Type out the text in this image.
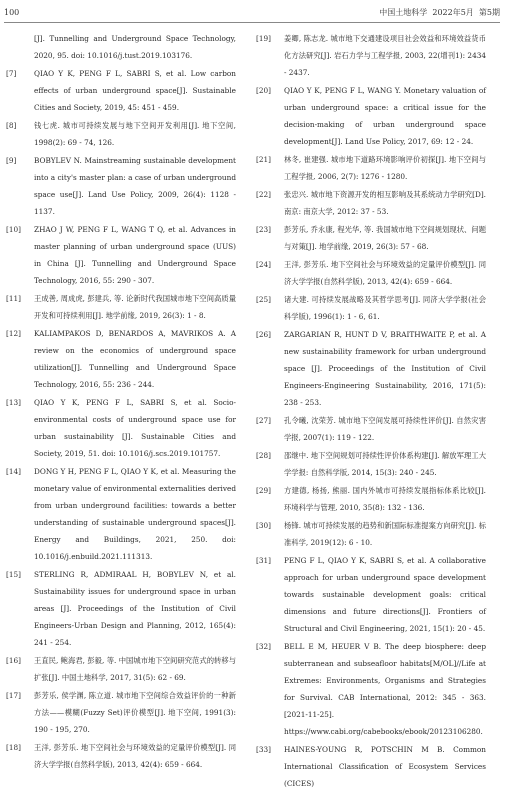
100	中国土地科学 2022年5月 第5期
[J]. Tunnelling and Underground Space Technology, 2020, 95. doi: 10.1016/j.tust.2019.103176.
[7]	QIAO Y K, PENG F L, SABRI S, et al. Low carbon effects of urban underground space[J]. Sustainable Cities and Society, 2019, 45: 451 - 459.
[8]	钱七虎. 城市可持续发展与地下空间开发利用[J]. 地下空间, 1998(2): 69 - 74, 126.
[9]	BOBYLEV N. Mainstreaming sustainable development into a city's master plan: a case of urban underground space use[J]. Land Use Policy, 2009, 26(4): 1128 - 1137.
[10]	ZHAO J W, PENG F L, WANG T Q, et al. Advances in master planning of urban underground space (UUS) in China [J]. Tunnelling and Underground Space Technology, 2016, 55: 290 - 307.
[11]	王成善, 周成虎, 彭建兵, 等. 论新时代我国城市地下空间高质量开发和可持续利用[J]. 地学前缘, 2019, 26(3): 1 - 8.
[12]	KALIAMPAKOS D, BENARDOS A, MAVRIKOS A. A review on the economics of underground space utilization[J]. Tunnelling and Underground Space Technology, 2016, 55: 236 - 244.
[13]	QIAO Y K, PENG F L, SABRI S, et al. Socio-environmental costs of underground space use for urban sustainability [J]. Sustainable Cities and Society, 2019, 51. doi: 10.1016/j.scs.2019.101757.
[14]	DONG Y H, PENG F L, QIAO Y K, et al. Measuring the monetary value of environmental externalities derived from urban underground facilities: towards a better understanding of sustainable underground spaces[J]. Energy and Buildings, 2021, 250. doi: 10.1016/j.enbuild.2021.111313.
[15]	STERLING R, ADMIRAAL H, BOBYLEV N, et al. Sustainability issues for underground space in urban areas [J]. Proceedings of the Institution of Civil Engineers-Urban Design and Planning, 2012, 165(4): 241 - 254.
[16]	王直民, 鲍海君, 彭毅, 等. 中国城市地下空间研究范式的转移与扩张[J]. 中国土地科学, 2017, 31(5): 62 - 69.
[17]	彭芳乐, 侯学渊, 陈立道. 城市地下空间综合效益评价的一种新方法——模糊(Fuzzy Set)评价模型[J]. 地下空间, 1991(3): 190 - 195, 270.
[18]	王洋, 彭芳乐. 地下空间社会与环境效益的定量评价模型[J]. 同济大学学报(自然科学版), 2013, 42(4): 659 - 664.
[19]	姜卿, 陈志龙. 城市地下交通建设项目社会效益和环境效益货币化方法研究[J]. 岩石力学与工程学报, 2003, 22(增刊1): 2434 - 2437.
[20]	QIAO Y K, PENG F L, WANG Y. Monetary valuation of urban underground space: a critical issue for the decision-making of urban underground space development[J]. Land Use Policy, 2017, 69: 12 - 24.
[21]	林冬, 崔建强. 城市地下道路环境影响评价初探[J]. 地下空间与工程学报, 2006, 2(7): 1276 - 1280.
[22]	张忠兴. 城市地下资源开发的相互影响及其系统动力学研究[D]. 南京: 南京大学, 2012: 37 - 53.
[23]	彭芳乐, 乔永康, 程光华, 等. 我国城市地下空间规划现状、问题与对策[J]. 地学前缘, 2019, 26(3): 57 - 68.
[24]	王洋, 彭芳乐. 地下空间社会与环境效益的定量评价模型[J]. 同济大学学报(自然科学版), 2013, 42(4): 659 - 664.
[25]	诸大建. 可持续发展战略及其哲学思考[J]. 同济大学学报(社会科学版), 1996(1): 1 - 6, 61.
[26]	ZARGARIAN R, HUNT D V, BRAITHWAITE P, et al. A new sustainability framework for urban underground space [J]. Proceedings of the Institution of Civil Engineers-Engineering Sustainability, 2016, 171(5): 238 - 253.
[27]	孔令曦, 沈荣芳. 城市地下空间发展可持续性评价[J]. 自然灾害学报, 2007(1): 119 - 122.
[28]	邵继中. 地下空间规划可持续性评价体系构建[J]. 解放军理工大学学报: 自然科学版, 2014, 15(3): 240 - 245.
[29]	方建德, 杨扬, 熊丽. 国内外城市可持续发展指标体系比较[J]. 环境科学与管理, 2010, 35(8): 132 - 136.
[30]	杨锋. 城市可持续发展的趋势和新国际标准提案方向研究[J]. 标准科学, 2019(12): 6 - 10.
[31]	PENG F L, QIAO Y K, SABRI S, et al. A collaborative approach for urban underground space development towards sustainable development goals: critical dimensions and future directions[J]. Frontiers of Structural and Civil Engineering, 2021, 15(1): 20 - 45.
[32]	BELL E M, HEUER V B. The deep biosphere: deep subterranean and subseafloor habitats[M/OL]//Life at Extremes: Environments, Organisms and Strategies for Survival. CAB International, 2012: 345 - 363. [2021-11-25]. https://www.cabi.org/cabebooks/ebook/20123106280.
[33]	HAINES-YOUNG R, POTSCHIN M B. Common International Classification of Ecosystem Services (CICES)
